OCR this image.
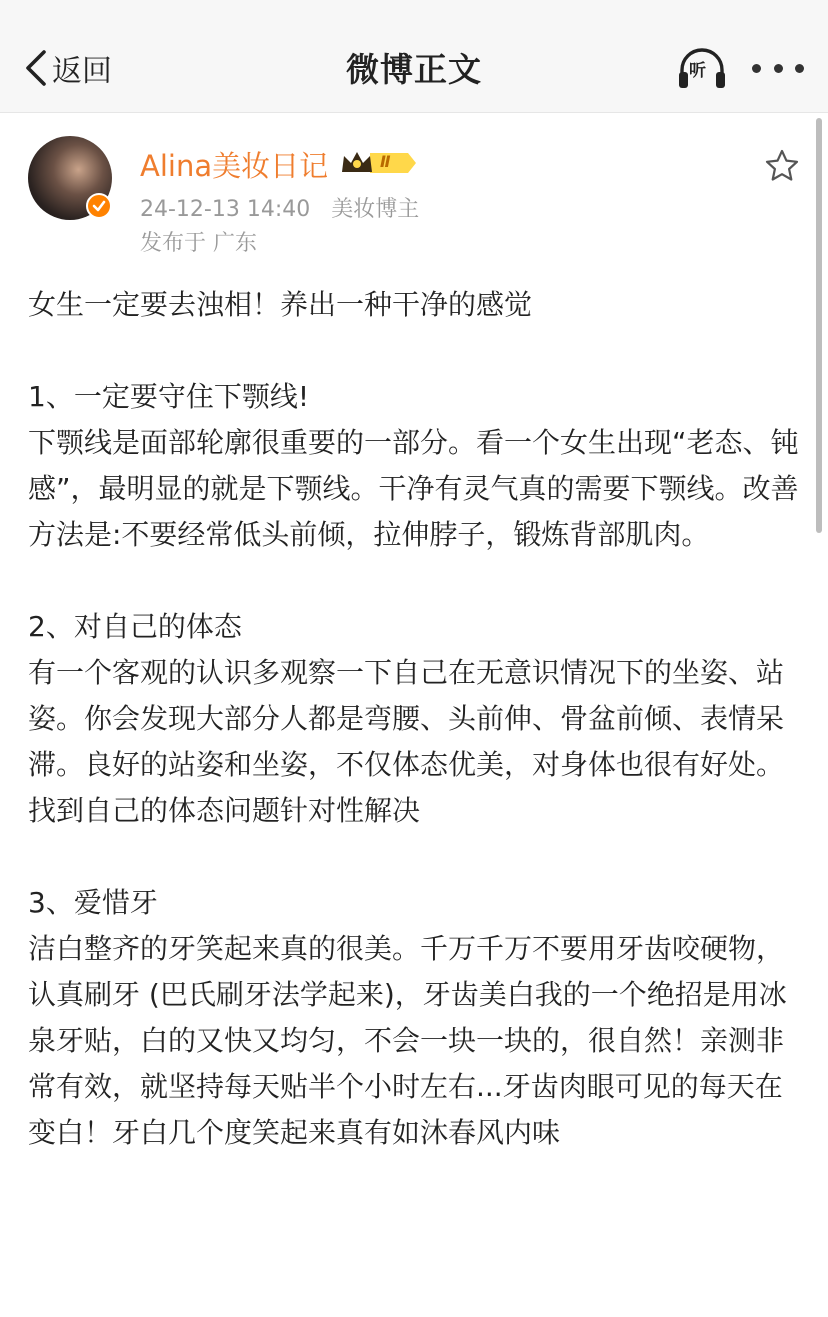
返回	微博正文	听
Alina美妆日记	Ⅱ
24-12-13 14:40 美妆博主
发布于 广东

女生一定要去浊相！养出一种干净的感觉

1、一定要守住下颚线!

下颚线是面部轮廓很重要的一部分。看一个女生出现“老态、钝感”，最明显的就是下颚线。干净有灵气真的需要下颚线。改善方法是:不要经常低头前倾，拉伸脖子，锻炼背部肌肉。

2、对自己的体态

有一个客观的认识多观察一下自己在无意识情况下的坐姿、站姿。你会发现大部分人都是弯腰、头前伸、骨盆前倾、表情呆滞。良好的站姿和坐姿，不仅体态优美，对身体也很有好处。找到自己的体态问题针对性解决

3、爱惜牙

洁白整齐的牙笑起来真的很美。千万千万不要用牙齿咬硬物，认真刷牙 (巴氏刷牙法学起来)，牙齿美白我的一个绝招是用冰泉牙贴，白的又快又均匀，不会一块一块的，很自然！亲测非常有效，就坚持每天贴半个小时左右...牙齿肉眼可见的每天在变白！牙白几个度笑起来真有如沐春风内味
